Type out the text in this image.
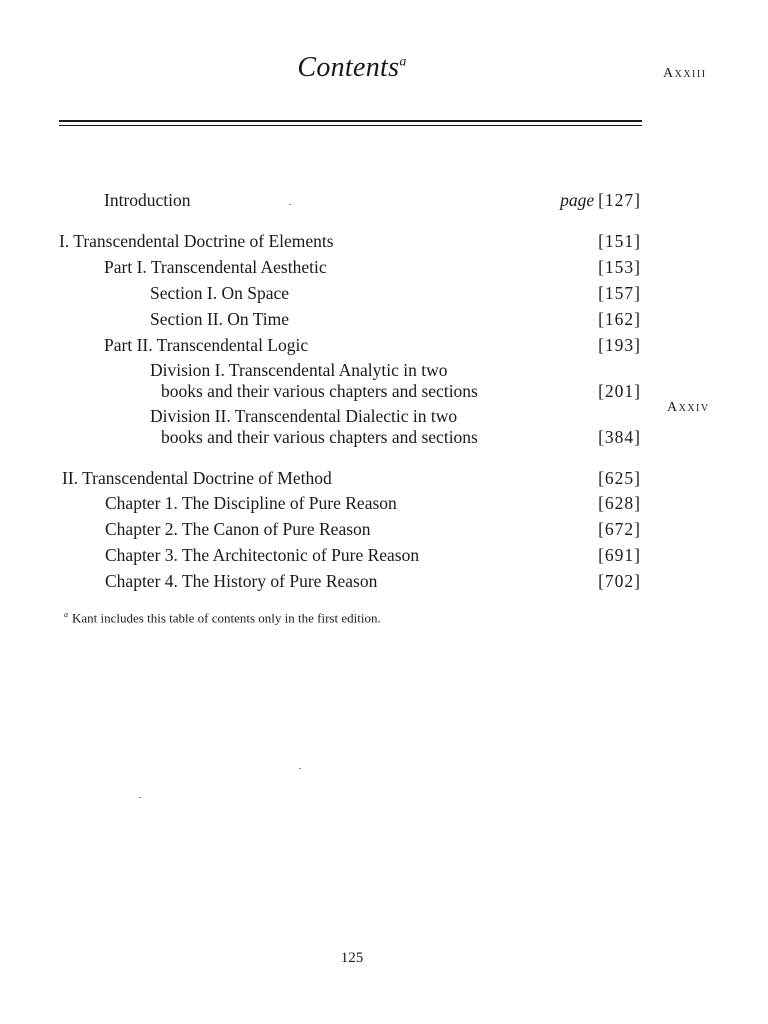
Contents$^a$
Axxiii
Introduction	page [127]
I. Transcendental Doctrine of Elements	[151]
Part I. Transcendental Aesthetic	[153]
Section I. On Space	[157]
Section II. On Time	[162]
Part II. Transcendental Logic	[193]
Division I. Transcendental Analytic in two
books and their various chapters and sections	[201]
Axxiv
Division II. Transcendental Dialectic in two
books and their various chapters and sections	[384]
II. Transcendental Doctrine of Method	[625]
Chapter 1. The Discipline of Pure Reason	[628]
Chapter 2. The Canon of Pure Reason	[672]
Chapter 3. The Architectonic of Pure Reason	[691]
Chapter 4. The History of Pure Reason	[702]
$^a$ Kant includes this table of contents only in the first edition.
125
